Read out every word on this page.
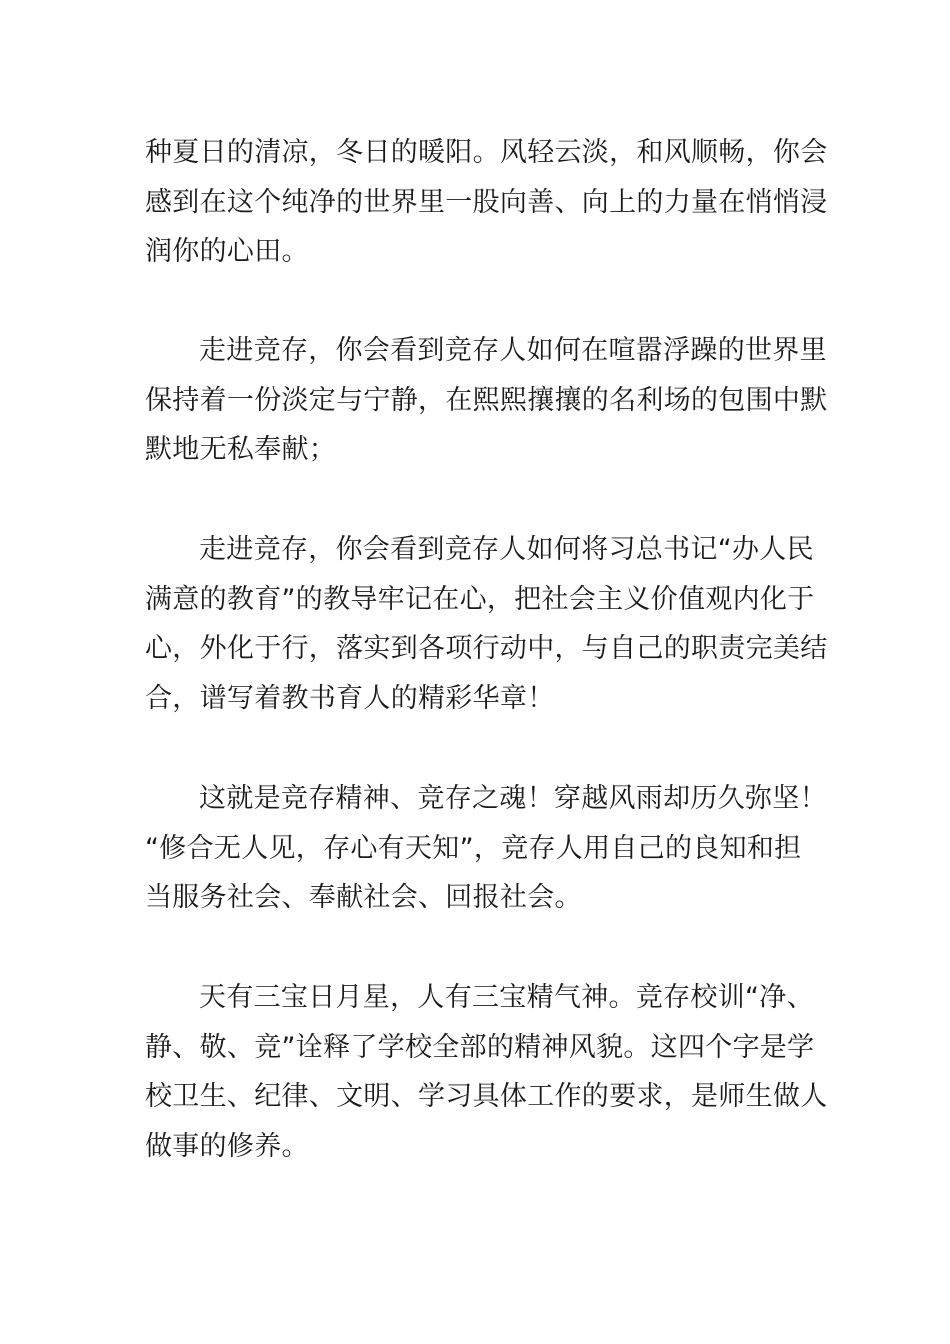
种夏日的清凉，冬日的暖阳。风轻云淡，和风顺畅，你会
感到在这个纯净的世界里一股向善、向上的力量在悄悄浸
润你的心田。

走进竞存，你会看到竞存人如何在喧嚣浮躁的世界里
保持着一份淡定与宁静，在熙熙攘攘的名利场的包围中默
默地无私奉献；

走进竞存，你会看到竞存人如何将习总书记“办人民
满意的教育”的教导牢记在心，把社会主义价值观内化于
心，外化于行，落实到各项行动中，与自己的职责完美结
合，谱写着教书育人的精彩华章！

这就是竞存精神、竞存之魂！穿越风雨却历久弥坚！
“修合无人见，存心有天知”，竞存人用自己的良知和担
当服务社会、奉献社会、回报社会。

天有三宝日月星，人有三宝精气神。竞存校训“净、
静、敬、竞”诠释了学校全部的精神风貌。这四个字是学
校卫生、纪律、文明、学习具体工作的要求，是师生做人
做事的修养。
